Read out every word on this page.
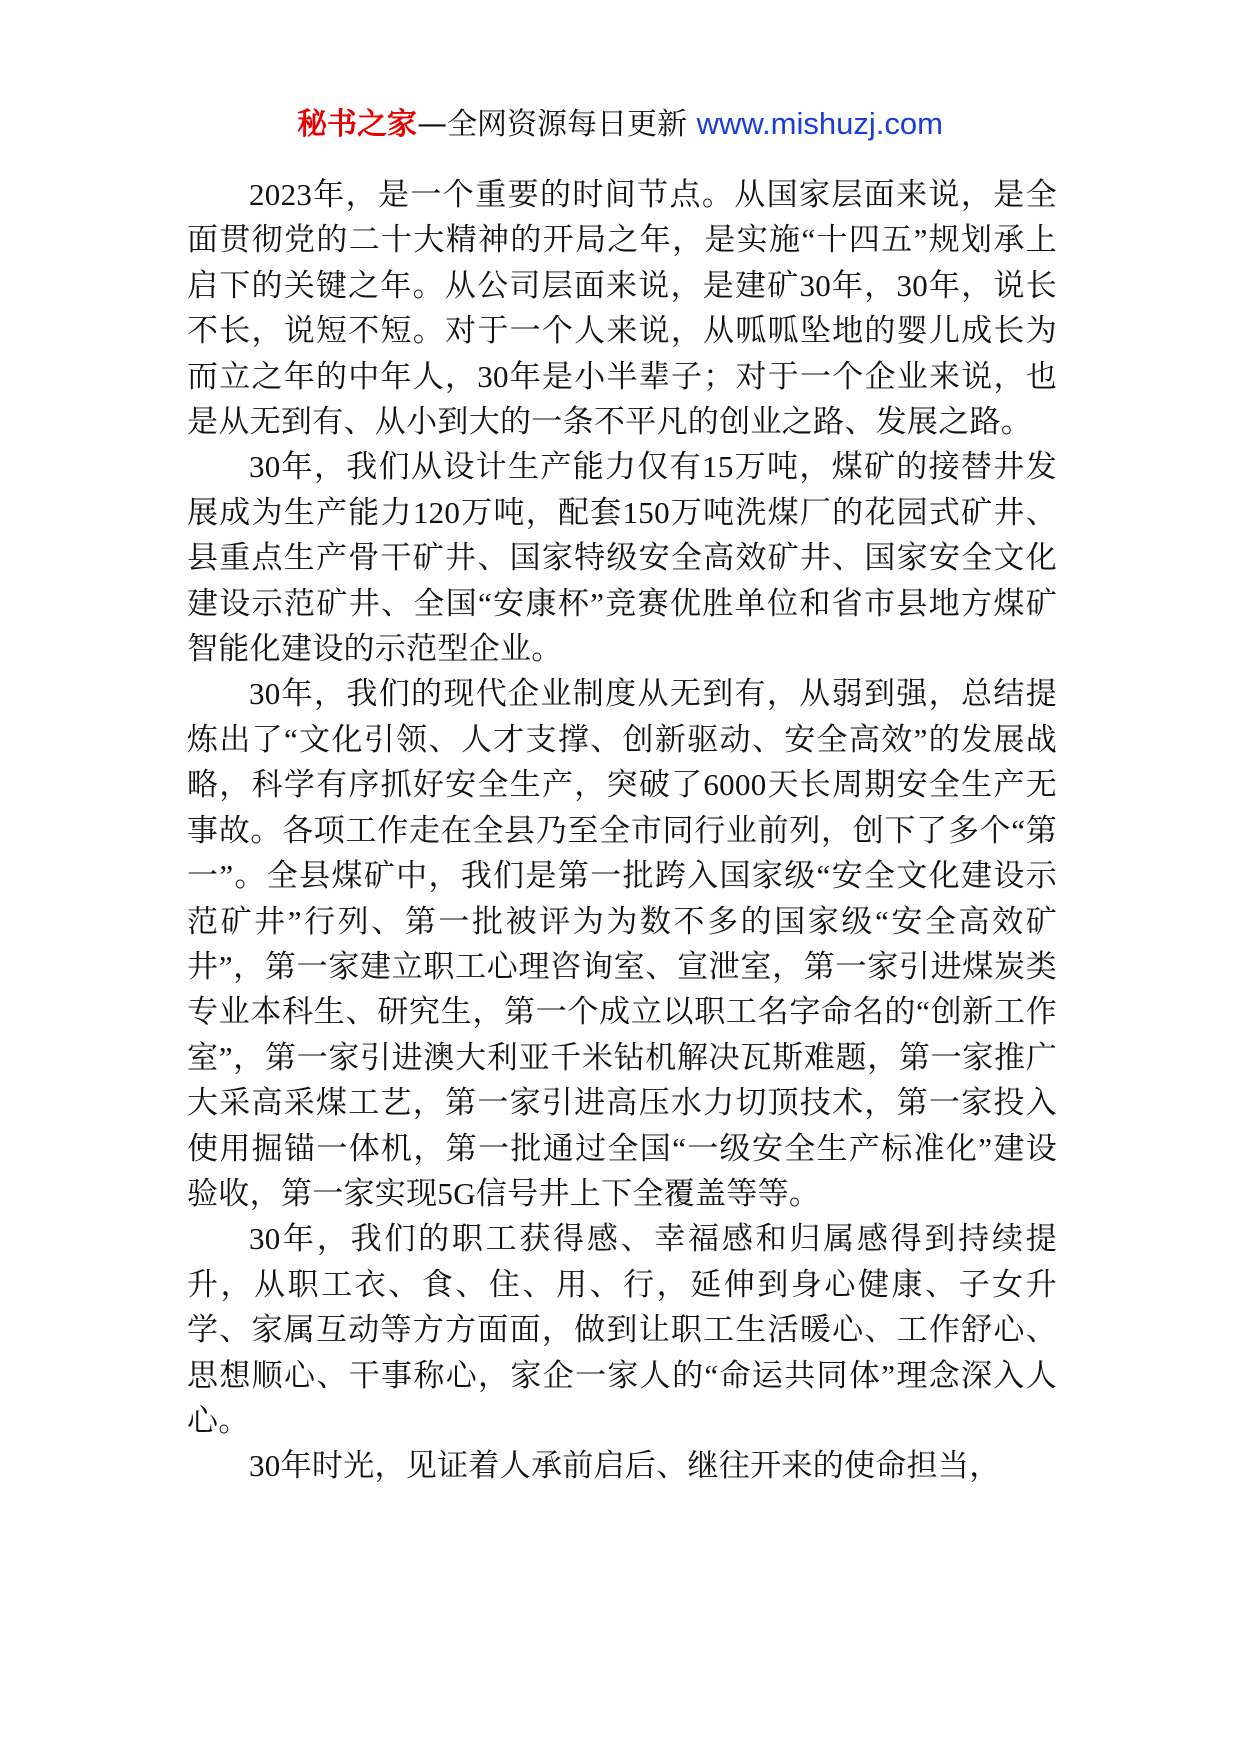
秘书之家—全网资源每日更新 www.mishuzj.com

2023年，是一个重要的时间节点。从国家层面来说，是全面贯彻党的二十大精神的开局之年，是实施“十四五”规划承上启下的关键之年。从公司层面来说，是建矿30年，30年，说长不长，说短不短。对于一个人来说，从呱呱坠地的婴儿成长为而立之年的中年人，30年是小半辈子；对于一个企业来说，也是从无到有、从小到大的一条不平凡的创业之路、发展之路。

30年，我们从设计生产能力仅有15万吨，煤矿的接替井发展成为生产能力120万吨，配套150万吨洗煤厂的花园式矿井、县重点生产骨干矿井、国家特级安全高效矿井、国家安全文化建设示范矿井、全国“安康杯”竞赛优胜单位和省市县地方煤矿智能化建设的示范型企业。

30年，我们的现代企业制度从无到有，从弱到强，总结提炼出了“文化引领、人才支撑、创新驱动、安全高效”的发展战略，科学有序抓好安全生产，突破了6000天长周期安全生产无事故。各项工作走在全县乃至全市同行业前列，创下了多个“第一”。全县煤矿中，我们是第一批跨入国家级“安全文化建设示范矿井”行列、第一批被评为为数不多的国家级“安全高效矿井”，第一家建立职工心理咨询室、宣泄室，第一家引进煤炭类专业本科生、研究生，第一个成立以职工名字命名的“创新工作室”，第一家引进澳大利亚千米钻机解决瓦斯难题，第一家推广大采高采煤工艺，第一家引进高压水力切顶技术，第一家投入使用掘锚一体机，第一批通过全国“一级安全生产标准化”建设验收，第一家实现5G信号井上下全覆盖等等。

30年，我们的职工获得感、幸福感和归属感得到持续提升，从职工衣、食、住、用、行，延伸到身心健康、子女升学、家属互动等方方面面，做到让职工生活暖心、工作舒心、思想顺心、干事称心，家企一家人的“命运共同体”理念深入人心。

30年时光，见证着人承前启后、继往开来的使命担当，
